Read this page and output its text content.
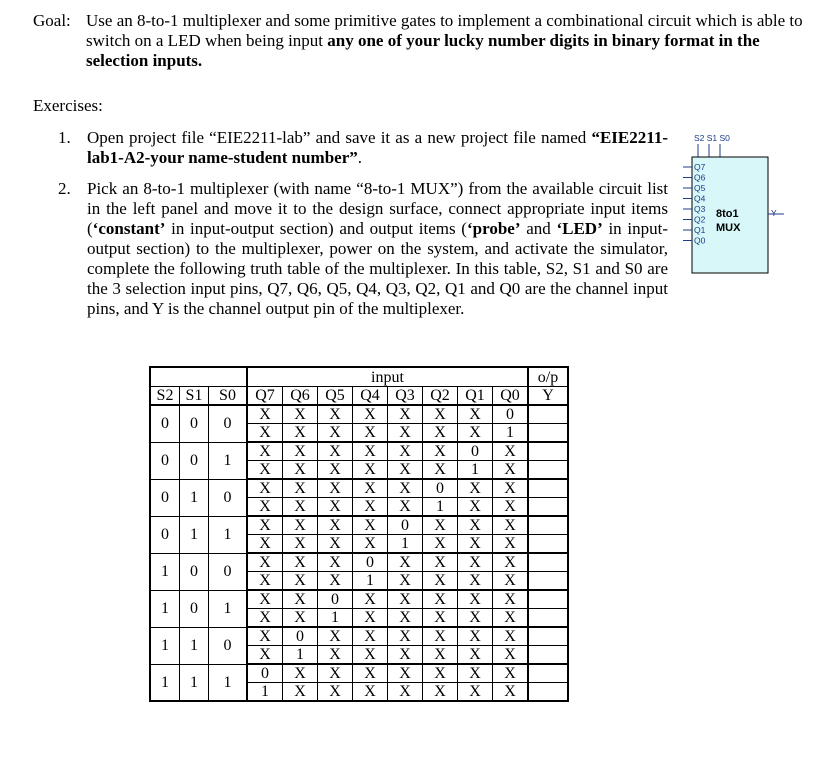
Goal: Use an 8-to-1 multiplexer and some primitive gates to implement a combinational circuit which is able to switch on a LED when being input any one of your lucky number digits in binary format in the selection inputs.
Exercises:
1. Open project file “EIE2211-lab” and save it as a new project file named “EIE2211-lab1-A2-your name-student number”.
2. Pick an 8-to-1 multiplexer (with name “8-to-1 MUX”) from the available circuit list in the left panel and move it to the design surface, connect appropriate input items (‘constant’ in input-output section) and output items (‘probe’ and ‘LED’ in input-output section) to the multiplexer, power on the system, and activate the simulator, complete the following truth table of the multiplexer. In this table, S2, S1 and S0 are the 3 selection input pins, Q7, Q6, Q5, Q4, Q3, Q2, Q1 and Q0 are the channel input pins, and Y is the channel output pin of the multiplexer.
S2 S1 S0
Q7
Q6
Q5
Q4
Q3
Q2
Q1
Q0
8to1
MUX
Y
			input								o/p
S2	S1	S0	Q7	Q6	Q5	Q4	Q3	Q2	Q1	Q0	Y
0	0	0	X	X	X	X	X	X	X	0	
			X	X	X	X	X	X	X	1	
0	0	1	X	X	X	X	X	X	0	X	
			X	X	X	X	X	X	1	X	
0	1	0	X	X	X	X	X	0	X	X	
			X	X	X	X	X	1	X	X	
0	1	1	X	X	X	X	0	X	X	X	
			X	X	X	X	1	X	X	X	
1	0	0	X	X	X	0	X	X	X	X	
			X	X	X	1	X	X	X	X	
1	0	1	X	X	0	X	X	X	X	X	
			X	X	1	X	X	X	X	X	
1	1	0	X	0	X	X	X	X	X	X	
			X	1	X	X	X	X	X	X	
1	1	1	0	X	X	X	X	X	X	X	
			1	X	X	X	X	X	X	X	
